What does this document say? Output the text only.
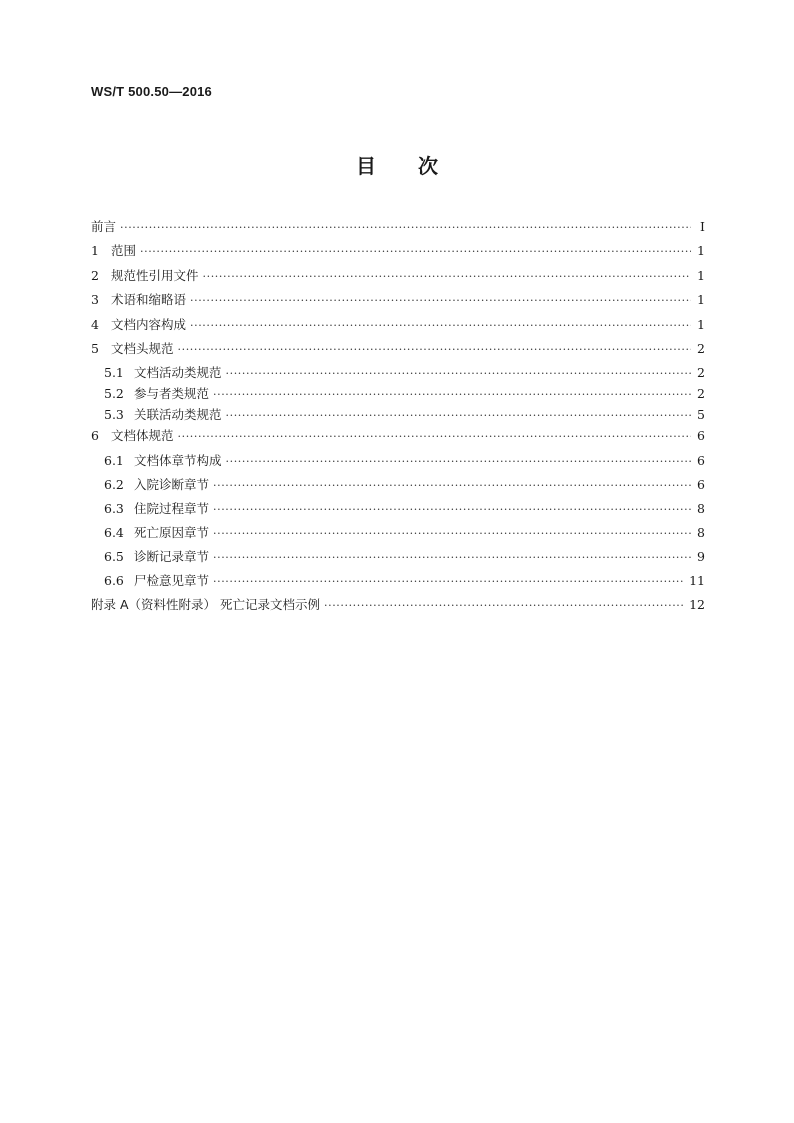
WS/T 500.50—2016
目 次
前言 ·····	I
1 范围 ·····	1
2 规范性引用文件 ·····	1
3 术语和缩略语 ·····	1
4 文档内容构成 ·····	1
5 文档头规范 ·····	2
5.1 文档活动类规范 ·····	2
5.2 参与者类规范 ·····	2
5.3 关联活动类规范 ·····	5
6 文档体规范 ·····	6
6.1 文档体章节构成 ·····	6
6.2 入院诊断章节 ·····	6
6.3 住院过程章节 ·····	8
6.4 死亡原因章节 ·····	8
6.5 诊断记录章节 ·····	9
6.6 尸检意见章节 ·····	11
附录 A（资料性附录） 死亡记录文档示例 ·····	12
